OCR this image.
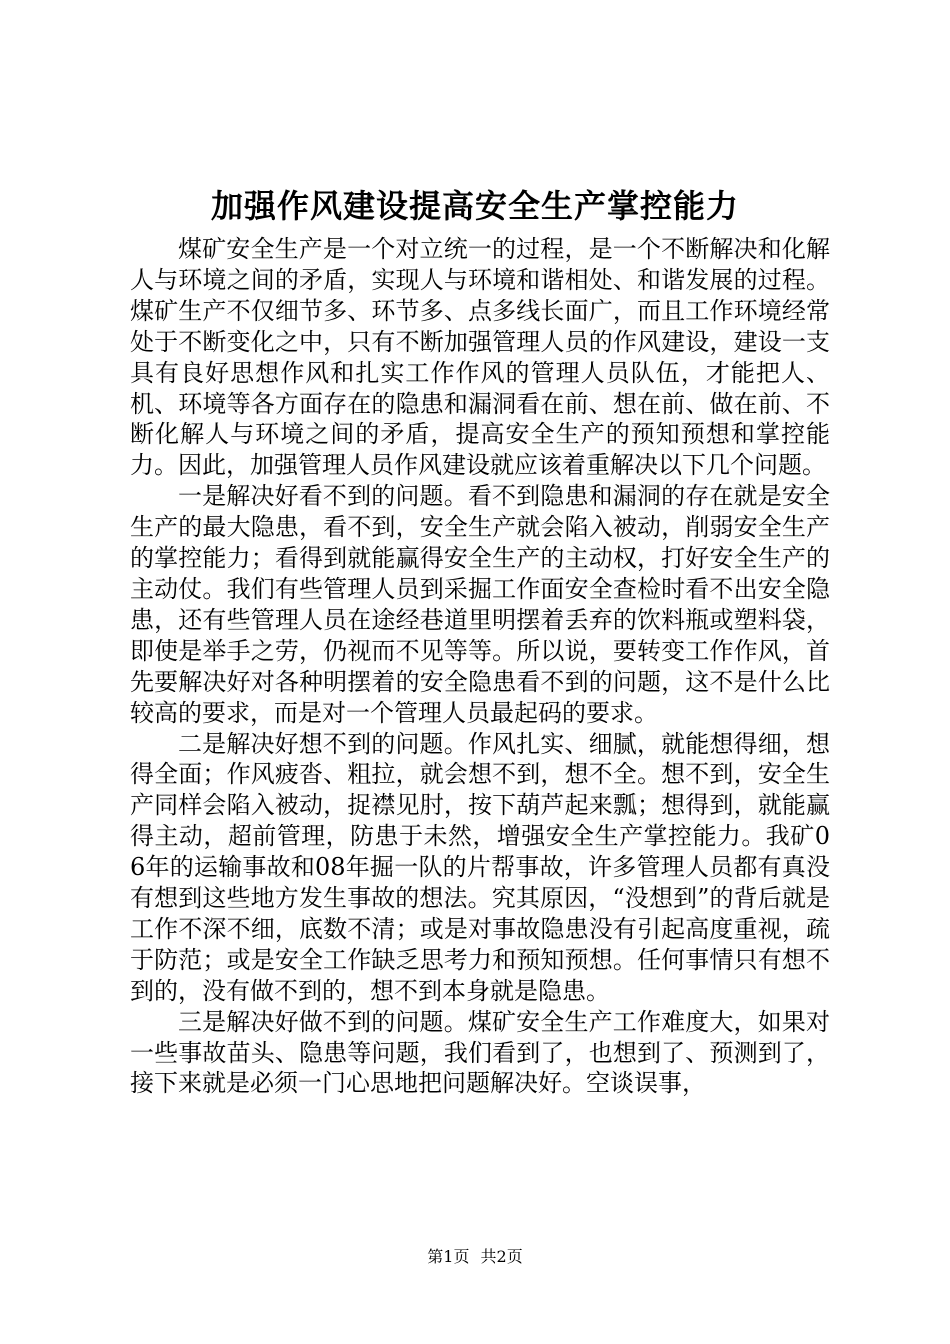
加强作风建设提高安全生产掌控能力

煤矿安全生产是一个对立统一的过程，是一个不断解决和化解人与环境之间的矛盾，实现人与环境和谐相处、和谐发展的过程。煤矿生产不仅细节多、环节多、点多线长面广，而且工作环境经常处于不断变化之中，只有不断加强管理人员的作风建设，建设一支具有良好思想作风和扎实工作作风的管理人员队伍，才能把人、机、环境等各方面存在的隐患和漏洞看在前、想在前、做在前、不断化解人与环境之间的矛盾，提高安全生产的预知预想和掌控能力。因此，加强管理人员作风建设就应该着重解决以下几个问题。

一是解决好看不到的问题。看不到隐患和漏洞的存在就是安全生产的最大隐患，看不到，安全生产就会陷入被动，削弱安全生产的掌控能力；看得到就能赢得安全生产的主动权，打好安全生产的主动仗。我们有些管理人员到采掘工作面安全查检时看不出安全隐患，还有些管理人员在途经巷道里明摆着丢弃的饮料瓶或塑料袋，即使是举手之劳，仍视而不见等等。所以说，要转变工作作风，首先要解决好对各种明摆着的安全隐患看不到的问题，这不是什么比较高的要求，而是对一个管理人员最起码的要求。

二是解决好想不到的问题。作风扎实、细腻，就能想得细，想得全面；作风疲沓、粗拉，就会想不到，想不全。想不到，安全生产同样会陷入被动，捉襟见肘，按下葫芦起来瓢；想得到，就能赢得主动，超前管理，防患于未然，增强安全生产掌控能力。我矿06年的运输事故和08年掘一队的片帮事故，许多管理人员都有真没有想到这些地方发生事故的想法。究其原因，“没想到”的背后就是工作不深不细，底数不清；或是对事故隐患没有引起高度重视，疏于防范；或是安全工作缺乏思考力和预知预想。任何事情只有想不到的，没有做不到的，想不到本身就是隐患。

三是解决好做不到的问题。煤矿安全生产工作难度大，如果对一些事故苗头、隐患等问题，我们看到了，也想到了、预测到了，接下来就是必须一门心思地把问题解决好。空谈误事，

第1页 共2页
